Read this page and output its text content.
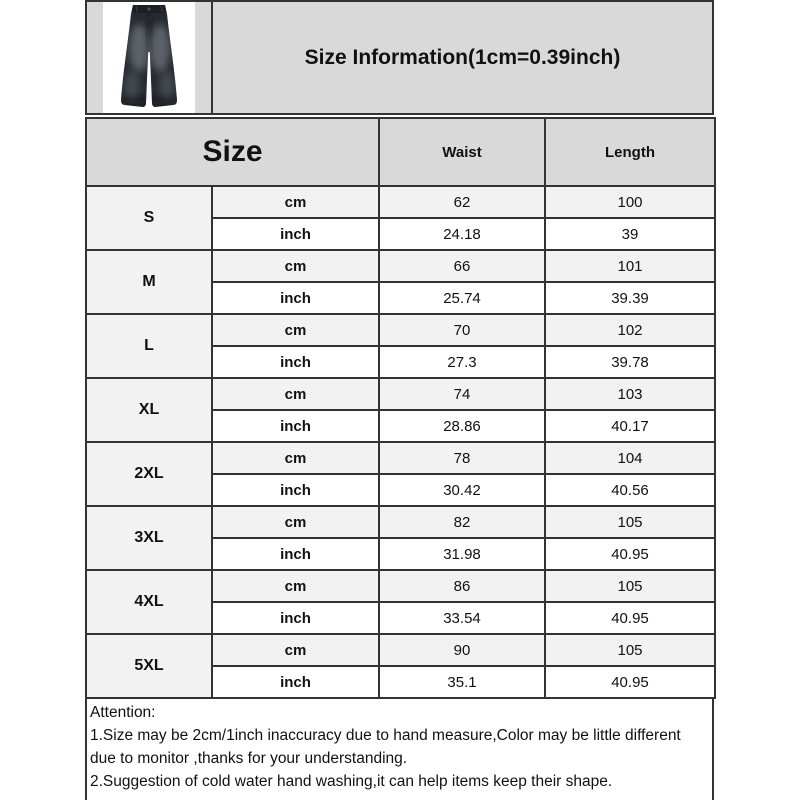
Size Information(1cm=0.39inch)
Size		Waist	Length
S	cm	62	100
	inch	24.18	39
M	cm	66	101
	inch	25.74	39.39
L	cm	70	102
	inch	27.3	39.78
XL	cm	74	103
	inch	28.86	40.17
2XL	cm	78	104
	inch	30.42	40.56
3XL	cm	82	105
	inch	31.98	40.95
4XL	cm	86	105
	inch	33.54	40.95
5XL	cm	90	105
	inch	35.1	40.95
Attention:
1.Size may be 2cm/1inch inaccuracy due to hand measure,Color may be little different due to monitor ,thanks for your understanding.
2.Suggestion of cold water hand washing,it can help items keep their shape.
